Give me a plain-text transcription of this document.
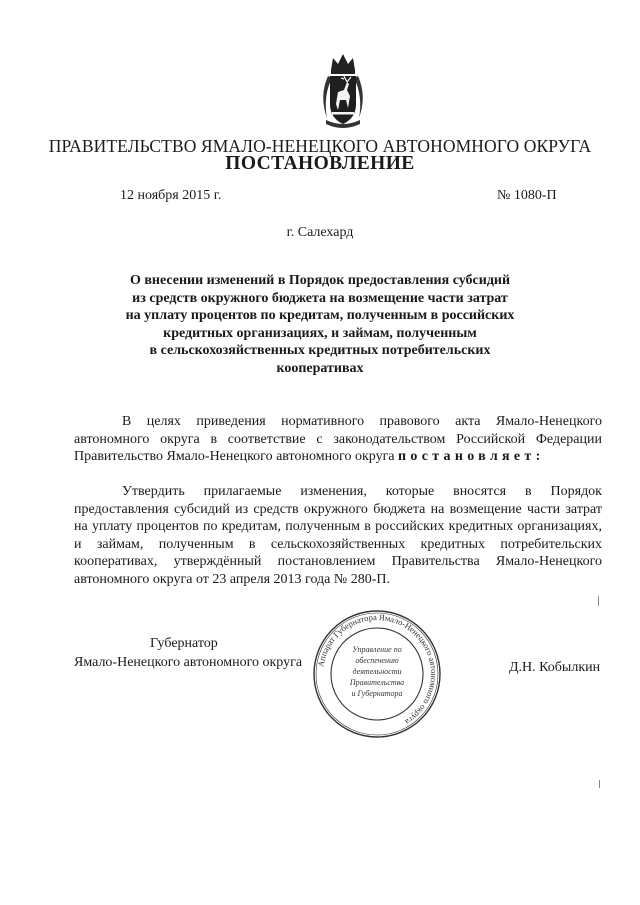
ПРАВИТЕЛЬСТВО ЯМАЛО-НЕНЕЦКОГО АВТОНОМНОГО ОКРУГА
ПОСТАНОВЛЕНИЕ
12 ноября 2015 г.	№ 1080-П
г. Салехард
О внесении изменений в Порядок предоставления субсидий
из средств окружного бюджета на возмещение части затрат
на уплату процентов по кредитам, полученным в российских
кредитных организациях, и займам, полученным
в сельскохозяйственных кредитных потребительских
кооперативах
В целях приведения нормативного правового акта Ямало-Ненецкого автономного округа в соответствие с законодательством Российской Федерации Правительство Ямало-Ненецкого автономного округа постановляет:
Утвердить прилагаемые изменения, которые вносятся в Порядок предоставления субсидий из средств окружного бюджета на возмещение части затрат на уплату процентов по кредитам, полученным в российских кредитных организациях, и займам, полученным в сельскохозяйственных кредитных потребительских кооперативах, утверждённый постановлением Правительства Ямало-Ненецкого автономного округа от 23 апреля 2013 года № 280-П.
Губернатор
Ямало-Ненецкого автономного округа	Д.Н. Кобылкин
Аппарат Губернатора Ямало-Ненецкого автономного округа
Управление по
обеспечению
деятельности
Правительства
и Губернатора
